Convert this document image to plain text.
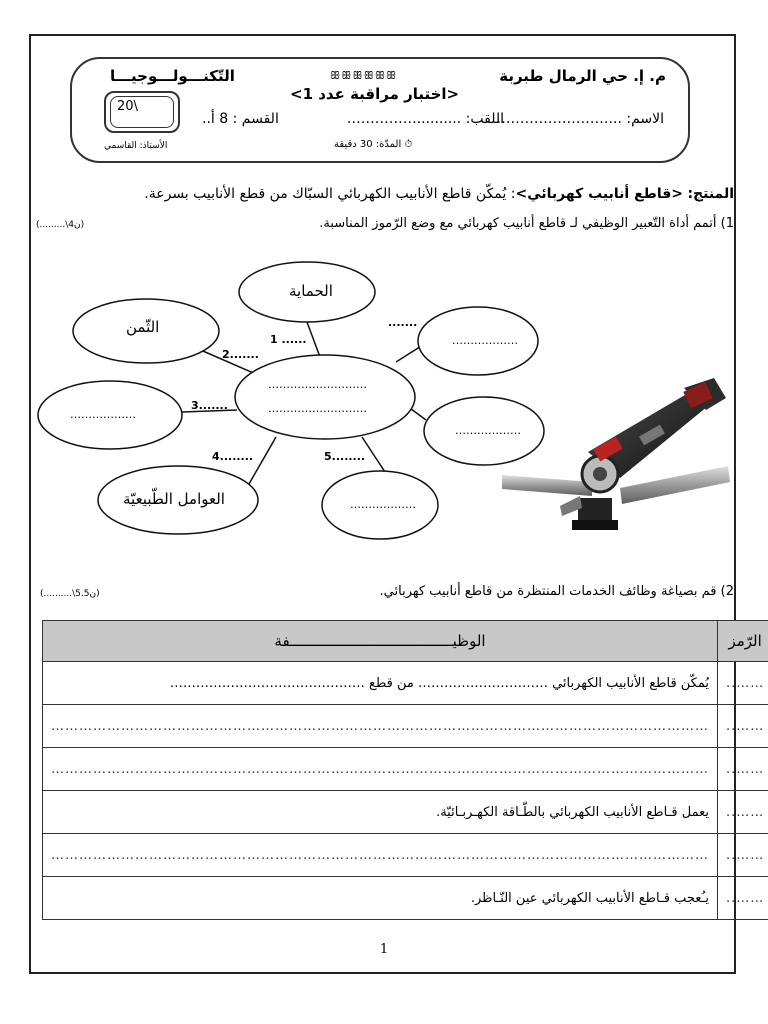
م. إ. حي الرمال طبربة
التّكنـــولـــوجيـــا	ꕥꕥꕥꕥꕥꕥ
<اختبار مراقبة عدد 1>
20\
الاسم: ...……………………
اللقب: ..........……………
القسم : 8 أ..
الأستاذ: القاسمي	⏱ المدّة: 30 دقيقة
المنتج: <قاطع أنابيب كهربائي>: يُمكّن قاطع الأنابيب الكهربائي السبّاك من قطع الأنابيب بسرعة.
1) أتمم أداة التّعبير الوظيفي لـ قاطع أنابيب كهربائي مع وضع الرّموز المناسبة.
(.........\4ن)
الحماية
الثّمن
العوامل الطّبيعيّة
………………
………………
………………
………………
………………………
………………………
1 ......
2.......
3.......
4........	5........
.......
2) قم بصياغة وظائف الخدمات المنتظرة من قاطع أنابيب كهربائي.
(..........\5.5ن)
الرّمز	الوظيـــــــــــــــــــــــــــــــــــــفة
……..	يُمكّن قاطع الأنابيب الكهربائي ………………………… من قطع ………………………………………
……..	……………………………………………………………………………………………………………………………
……..	……………………………………………………………………………………………………………………………
……..	يعمل قـاطع الأنابيب الكهربائي بالطّـاقة الكهـربـائيّة.
……..	……………………………………………………………………………………………………………………………
……..	يـُعجب قـاطع الأنابيب الكهربائي عين النّـاظر.
1
